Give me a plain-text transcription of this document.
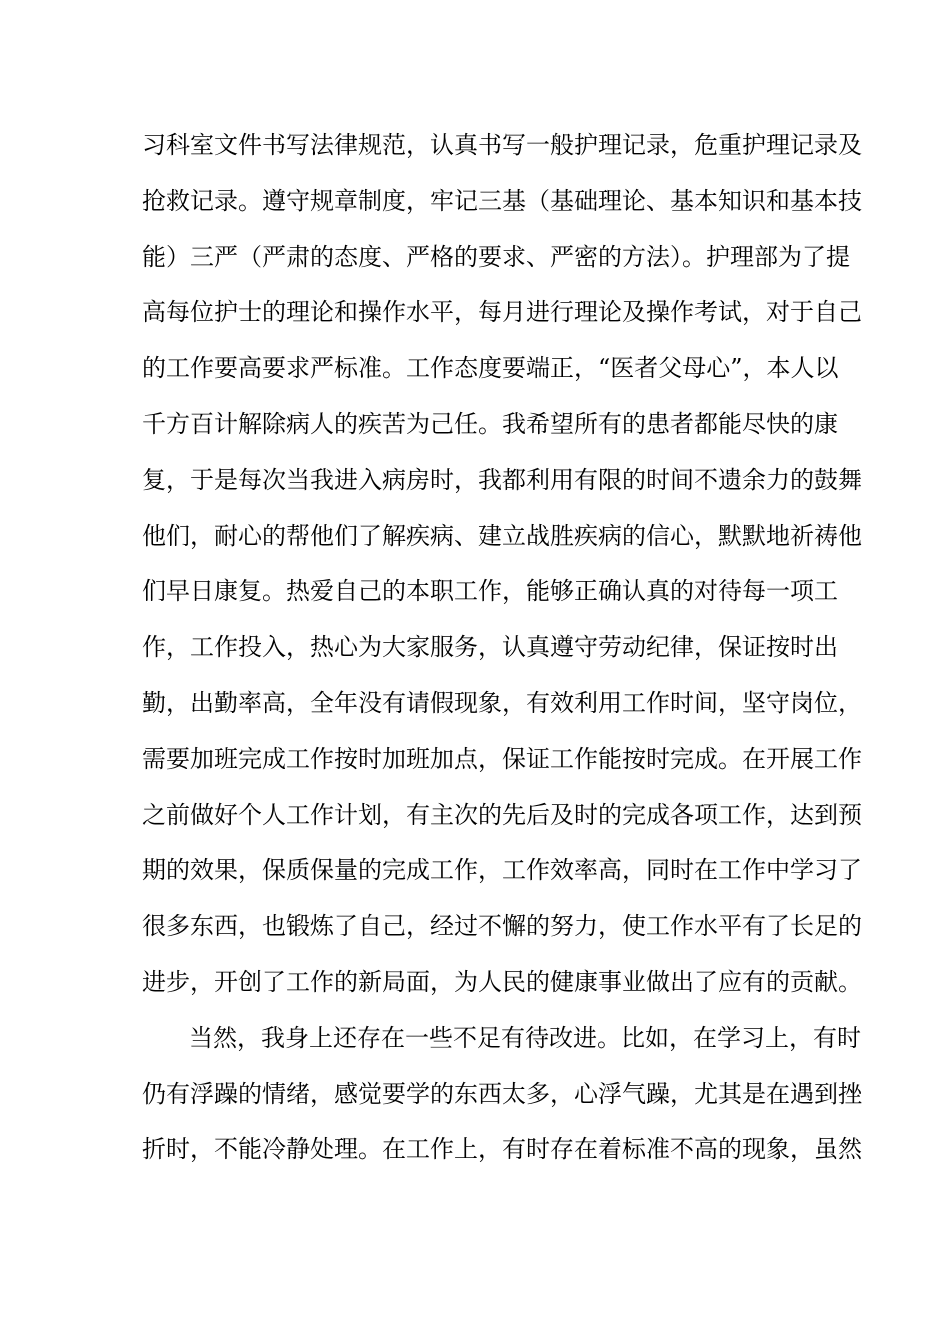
习科室文件书写法律规范，认真书写一般护理记录，危重护理记录及
抢救记录。遵守规章制度，牢记三基（基础理论、基本知识和基本技
能）三严（严肃的态度、严格的要求、严密的方法）。护理部为了提
高每位护士的理论和操作水平，每月进行理论及操作考试，对于自己
的工作要高要求严标准。工作态度要端正，“医者父母心”，本人以
千方百计解除病人的疾苦为己任。我希望所有的患者都能尽快的康
复，于是每次当我进入病房时，我都利用有限的时间不遗余力的鼓舞
他们，耐心的帮他们了解疾病、建立战胜疾病的信心，默默地祈祷他
们早日康复。热爱自己的本职工作，能够正确认真的对待每一项工
作，工作投入，热心为大家服务，认真遵守劳动纪律，保证按时出
勤，出勤率高，全年没有请假现象，有效利用工作时间，坚守岗位，
需要加班完成工作按时加班加点，保证工作能按时完成。在开展工作
之前做好个人工作计划，有主次的先后及时的完成各项工作，达到预
期的效果，保质保量的完成工作，工作效率高，同时在工作中学习了
很多东西，也锻炼了自己，经过不懈的努力，使工作水平有了长足的
进步，开创了工作的新局面，为人民的健康事业做出了应有的贡献。
当然，我身上还存在一些不足有待改进。比如，在学习上，有时
仍有浮躁的情绪，感觉要学的东西太多，心浮气躁，尤其是在遇到挫
折时，不能冷静处理。在工作上，有时存在着标准不高的现象，虽然
